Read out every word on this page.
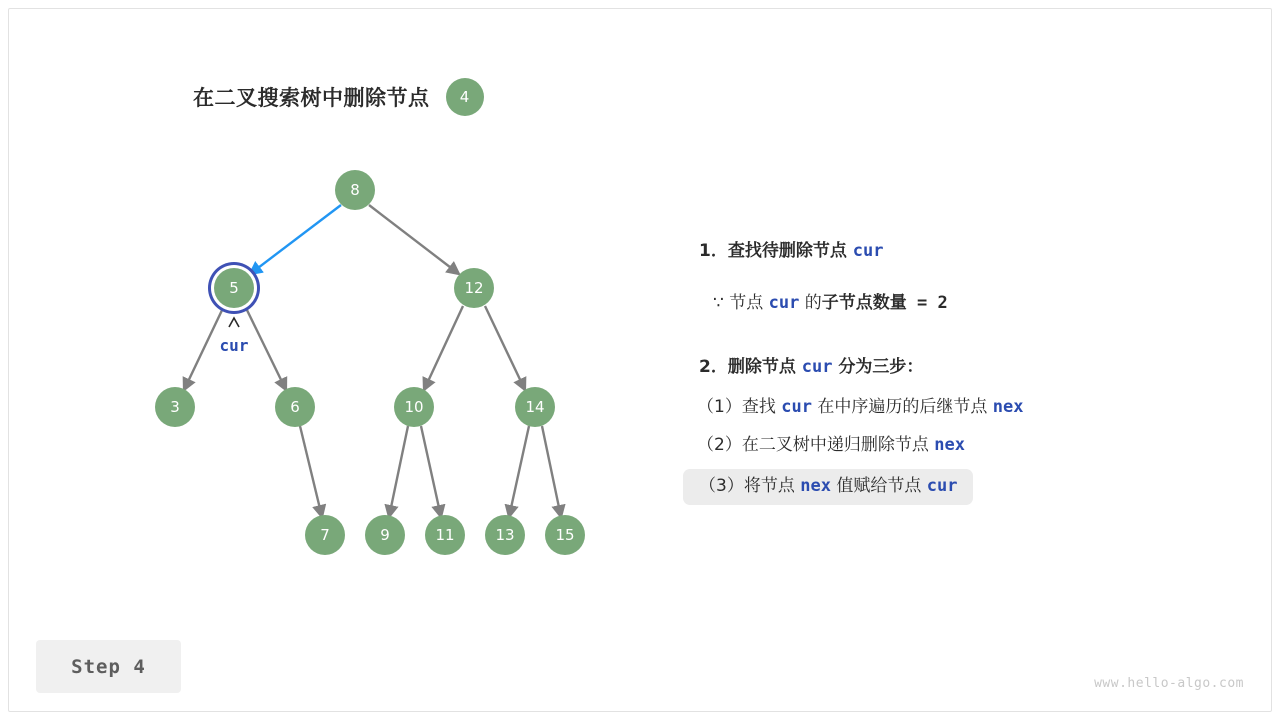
在二叉搜索树中删除节点	4
8
5	12
3	6	10	14
7	9	11	13	15
cur
1．查找待删除节点 cur
∵ 节点 cur 的子节点数量 = 2
2．删除节点 cur 分为三步：
（1）查找 cur 在中序遍历的后继节点 nex
（2）在二叉树中递归删除节点 nex
（3）将节点 nex 值赋给节点 cur
Step 4
www.hello-algo.com
